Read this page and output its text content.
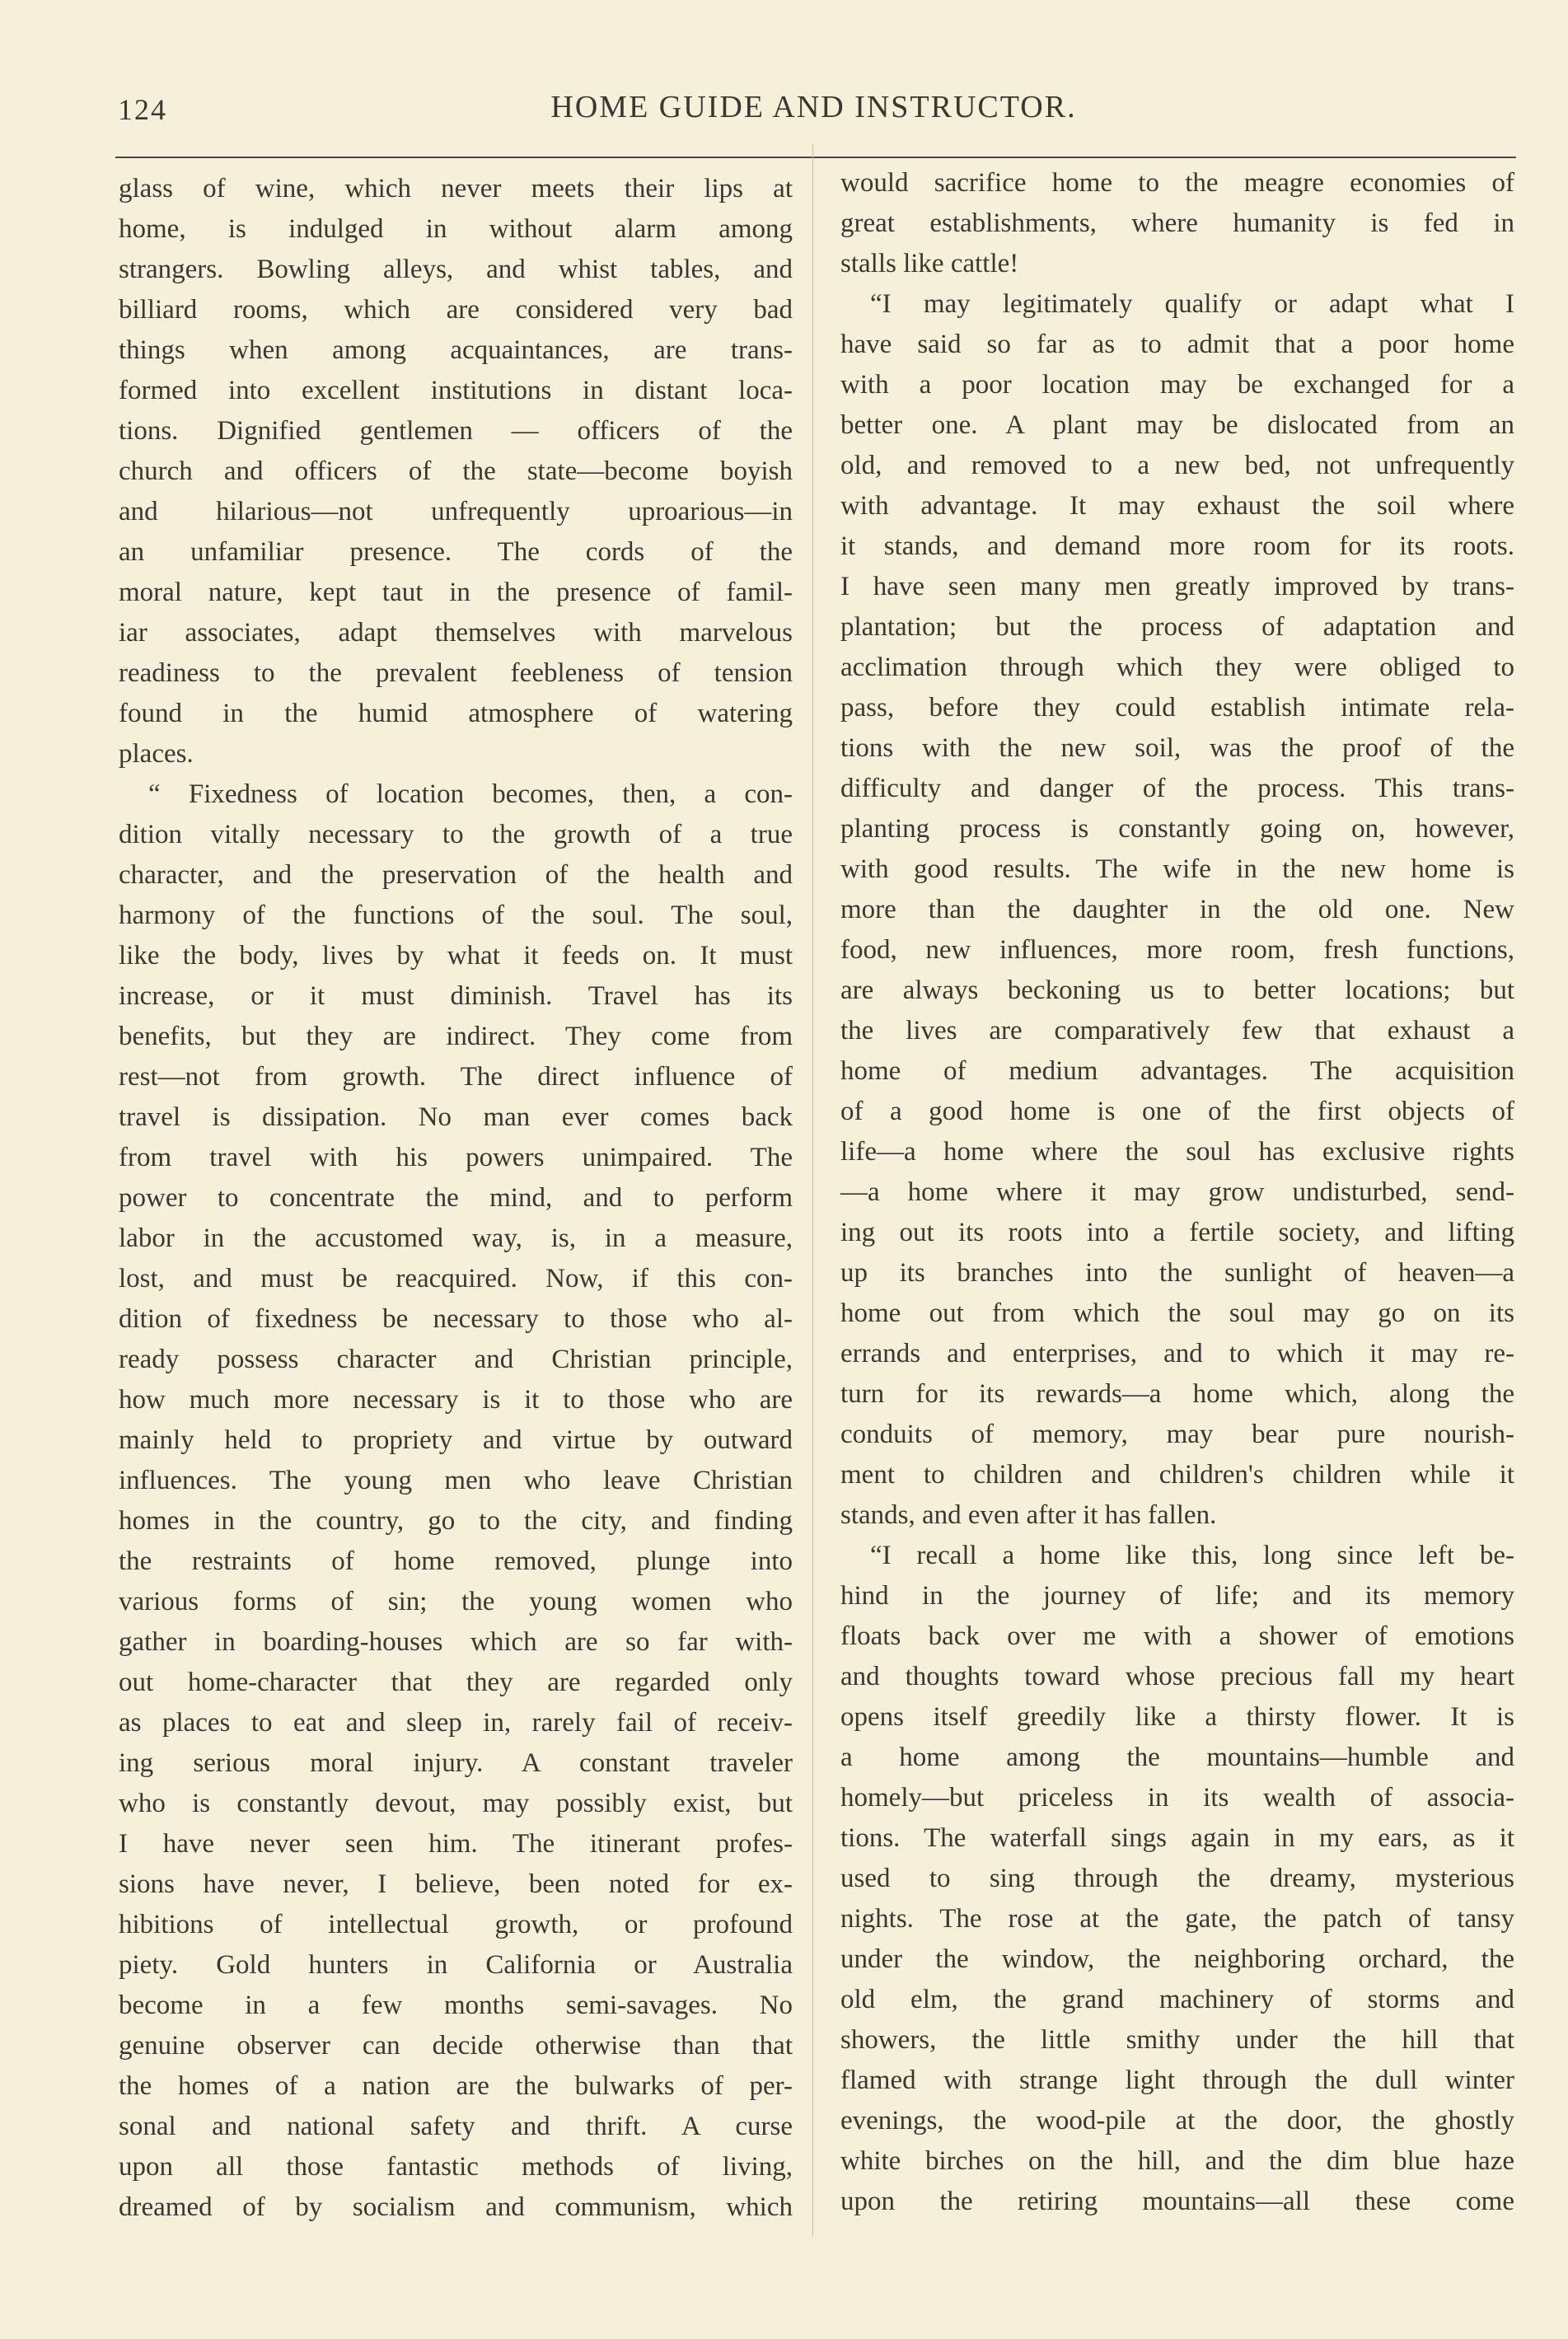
124	HOME GUIDE AND INSTRUCTOR.
glass of wine, which never meets their lips at
home, is indulged in without alarm among
strangers. Bowling alleys, and whist tables, and
billiard rooms, which are considered very bad
things when among acquaintances, are trans-
formed into excellent institutions in distant loca-
tions. Dignified gentlemen — officers of the
church and officers of the state—become boyish
and hilarious—not unfrequently uproarious—in
an unfamiliar presence. The cords of the
moral nature, kept taut in the presence of famil-
iar associates, adapt themselves with marvelous
readiness to the prevalent feebleness of tension
found in the humid atmosphere of watering
places.
“ Fixedness of location becomes, then, a con-
dition vitally necessary to the growth of a true
character, and the preservation of the health and
harmony of the functions of the soul. The soul,
like the body, lives by what it feeds on. It must
increase, or it must diminish. Travel has its
benefits, but they are indirect. They come from
rest—not from growth. The direct influence of
travel is dissipation. No man ever comes back
from travel with his powers unimpaired. The
power to concentrate the mind, and to perform
labor in the accustomed way, is, in a measure,
lost, and must be reacquired. Now, if this con-
dition of fixedness be necessary to those who al-
ready possess character and Christian principle,
how much more necessary is it to those who are
mainly held to propriety and virtue by outward
influences. The young men who leave Christian
homes in the country, go to the city, and finding
the restraints of home removed, plunge into
various forms of sin; the young women who
gather in boarding-houses which are so far with-
out home-character that they are regarded only
as places to eat and sleep in, rarely fail of receiv-
ing serious moral injury. A constant traveler
who is constantly devout, may possibly exist, but
I have never seen him. The itinerant profes-
sions have never, I believe, been noted for ex-
hibitions of intellectual growth, or profound
piety. Gold hunters in California or Australia
become in a few months semi-savages. No
genuine observer can decide otherwise than that
the homes of a nation are the bulwarks of per-
sonal and national safety and thrift. A curse
upon all those fantastic methods of living,
dreamed of by socialism and communism, which
would sacrifice home to the meagre economies of
great establishments, where humanity is fed in
stalls like cattle!
“I may legitimately qualify or adapt what I
have said so far as to admit that a poor home
with a poor location may be exchanged for a
better one. A plant may be dislocated from an
old, and removed to a new bed, not unfrequently
with advantage. It may exhaust the soil where
it stands, and demand more room for its roots.
I have seen many men greatly improved by trans-
plantation; but the process of adaptation and
acclimation through which they were obliged to
pass, before they could establish intimate rela-
tions with the new soil, was the proof of the
difficulty and danger of the process. This trans-
planting process is constantly going on, however,
with good results. The wife in the new home is
more than the daughter in the old one. New
food, new influences, more room, fresh functions,
are always beckoning us to better locations; but
the lives are comparatively few that exhaust a
home of medium advantages. The acquisition
of a good home is one of the first objects of
life—a home where the soul has exclusive rights
—a home where it may grow undisturbed, send-
ing out its roots into a fertile society, and lifting
up its branches into the sunlight of heaven—a
home out from which the soul may go on its
errands and enterprises, and to which it may re-
turn for its rewards—a home which, along the
conduits of memory, may bear pure nourish-
ment to children and children's children while it
stands, and even after it has fallen.
“I recall a home like this, long since left be-
hind in the journey of life; and its memory
floats back over me with a shower of emotions
and thoughts toward whose precious fall my heart
opens itself greedily like a thirsty flower. It is
a home among the mountains—humble and
homely—but priceless in its wealth of associa-
tions. The waterfall sings again in my ears, as it
used to sing through the dreamy, mysterious
nights. The rose at the gate, the patch of tansy
under the window, the neighboring orchard, the
old elm, the grand machinery of storms and
showers, the little smithy under the hill that
flamed with strange light through the dull winter
evenings, the wood-pile at the door, the ghostly
white birches on the hill, and the dim blue haze
upon the retiring mountains—all these come
